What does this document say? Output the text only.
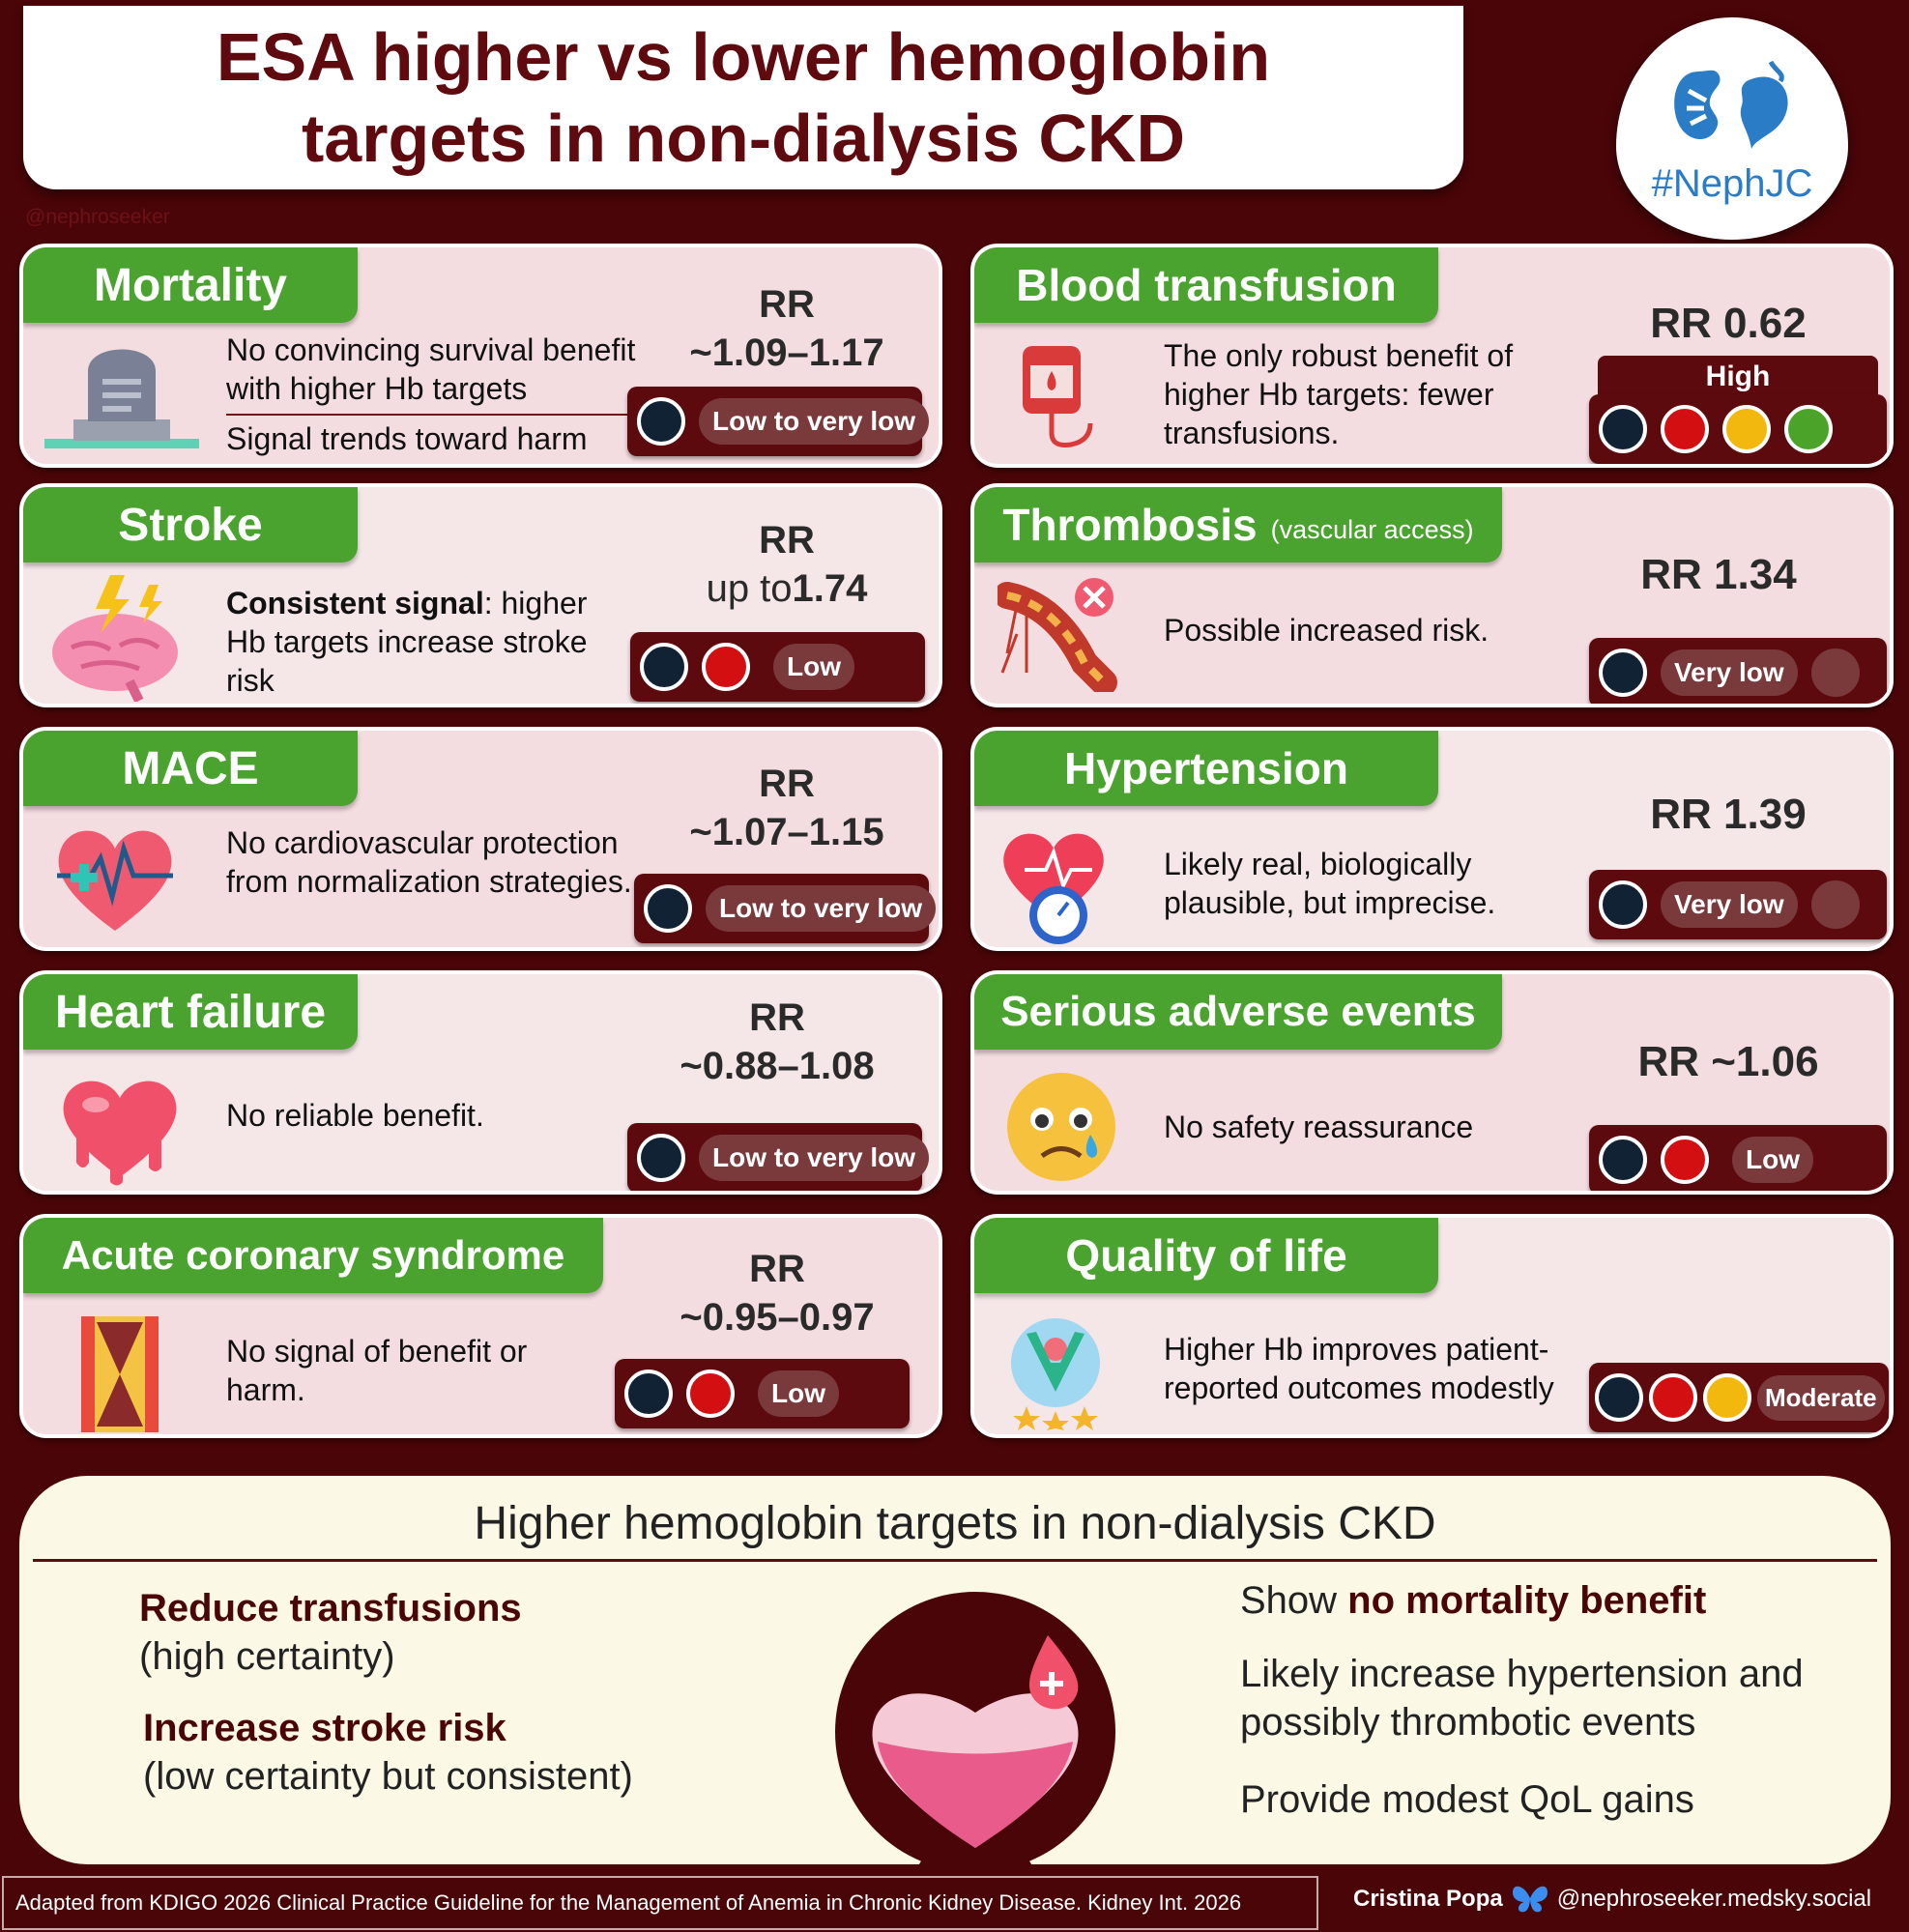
ESA higher vs lower hemoglobin
targets in non-dialysis CKD
@nephroseeker
#NephJC
Mortality
No convincing survival benefit with higher Hb targets
Signal trends toward harm
RR
~1.09–1.17
Low to very low
Stroke
Consistent signal: higher Hb targets increase stroke risk
RR
up to1.74
Low
MACE
No cardiovascular protection from normalization strategies.
RR
~1.07–1.15
Low to very low
Heart failure
No reliable benefit.
RR
~0.88–1.08
Low to very low
Acute coronary syndrome
No signal of benefit or harm.
RR
~0.95–0.97
Low
Blood transfusion
The only robust benefit of higher Hb targets: fewer transfusions.
RR 0.62
High
Thrombosis (vascular access)
Possible increased risk.
RR 1.34
Very low
Hypertension
Likely real, biologically plausible, but imprecise.
RR 1.39
Very low
Serious adverse events
No safety reassurance
RR ~1.06
Low
Quality of life
Higher Hb improves patient-reported outcomes modestly	Moderate
Higher hemoglobin targets in non-dialysis CKD
Reduce transfusions
(high certainty)
Increase stroke risk
(low certainty but consistent)
Show no mortality benefit
Likely increase hypertension and possibly thrombotic events
Provide modest QoL gains
Adapted from KDIGO 2026 Clinical Practice Guideline for the Management of Anemia in Chronic Kidney Disease. Kidney Int. 2026	Cristina Popa @nephroseeker.medsky.social
